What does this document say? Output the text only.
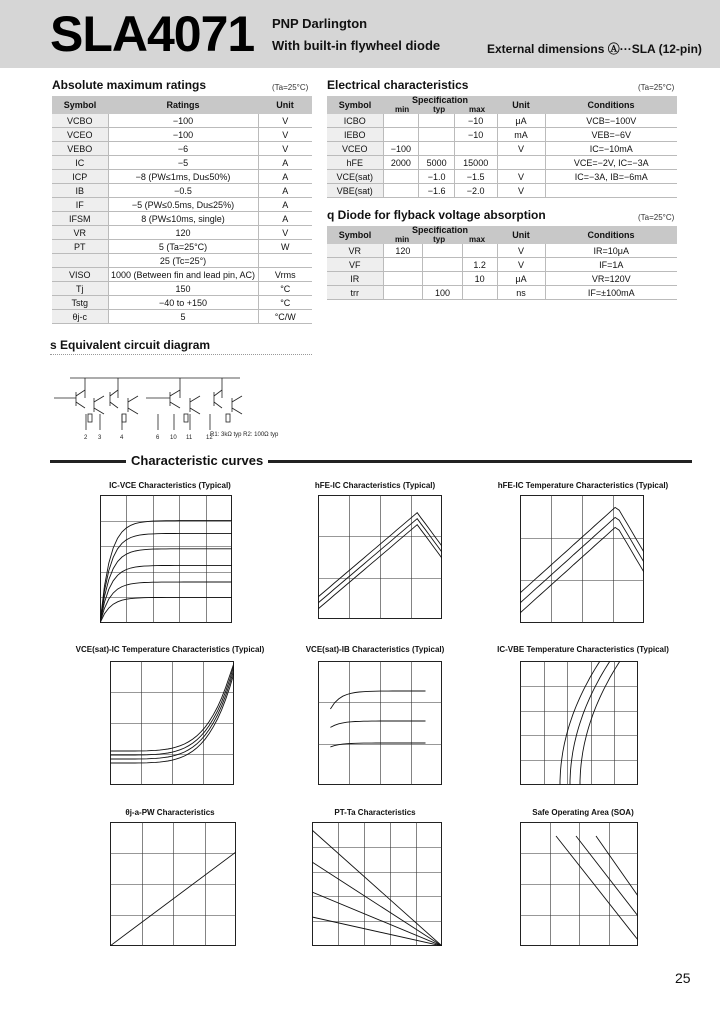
SLA4071 PNP Darlington
With built-in flywheel diode	External dimensions Ⓐ···SLA (12-pin)
Absolute maximum ratings	(Ta=25°C)
Symbol	Ratings	Unit
VCBO	−100	V
VCEO	−100	V
VEBO	−6	V
IC	−5	A
ICP	−8 (PW≤1ms, Du≤50%)	A
IB	−0.5	A
IF	−5 (PW≤0.5ms, Du≤25%)	A
IFSM	8 (PW≤10ms, single)	A
VR	120	V
PT	5 (Ta=25°C)	W
	25 (Tc=25°)	
VISO	1000 (Between fin and lead pin, AC)	Vrms
Tj	150	°C
Tstg	−40 to +150	°C
θj-c	5	°C/W
Electrical characteristics	(Ta=25°C)
Symbol	Specification
min typ max			Unit	Conditions
ICBO			−10	μA	VCB=−100V
IEBO			−10	mA	VEB=−6V
VCEO	−100			V	IC=−10mA
hFE	2000	5000	15000		VCE=−2V, IC=−3A
VCE(sat)		−1.0	−1.5	V	IC=−3A, IB=−6mA
VBE(sat)		−1.6	−2.0	V	
q Diode for flyback voltage absorption	(Ta=25°C)
Symbol	Specification
min typ max			Unit	Conditions
VR	120			V	IR=10μA
VF			1.2	V	IF=1A
IR			10	μA	VR=120V
trr		100		ns	IF=±100mA
s Equivalent circuit diagram
2 3	4	6 10 11 12
R1: 3kΩ typ R2: 100Ω typ
Characteristic curves
IC-VCE Characteristics (Typical)	hFE-IC Characteristics (Typical)	hFE-IC Temperature Characteristics (Typical)
VCE(sat)-IC Temperature Characteristics (Typical)	VCE(sat)-IB Characteristics (Typical)	IC-VBE Temperature Characteristics (Typical)
θj-a-PW Characteristics	PT-Ta Characteristics	Safe Operating Area (SOA)
25
